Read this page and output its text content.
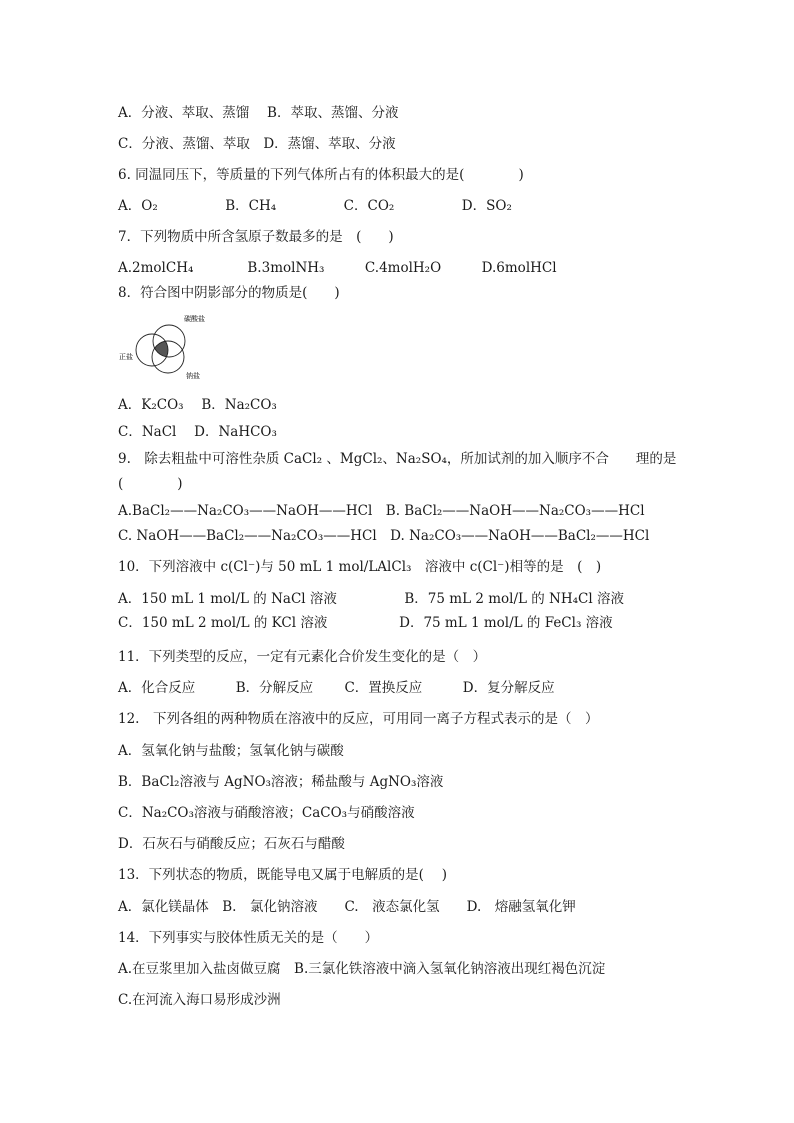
A．分液、萃取、蒸馏　 B．萃取、蒸馏、分液
C．分液、蒸馏、萃取　D．蒸馏、萃取、分液
6. 同温同压下，等质量的下列气体所占有的体积最大的是(　　　　)
A．O₂　　　　　B．CH₄　　　　　C．CO₂　　　　　D．SO₂
7．下列物质中所含氢原子数最多的是　(　　)
A.2molCH₄　　　　B.3molNH₃　　　C.4molH₂O　　　D.6molHCl
8．符合图中阴影部分的物质是(　　)
碳酸盐
正盐
钠盐
A．K₂CO₃　 B．Na₂CO₃
C．NaCl　 D．NaHCO₃
9.　除去粗盐中可溶性杂质 CaCl₂ 、MgCl₂、Na₂SO₄，所加试剂的加入顺序不合　　理的是
(　　　　)
A.BaCl₂——Na₂CO₃——NaOH——HCl　B. BaCl₂——NaOH——Na₂CO₃——HCl
C. NaOH——BaCl₂——Na₂CO₃——HCl　D. Na₂CO₃——NaOH——BaCl₂——HCl
10．下列溶液中 c(Cl⁻)与 50 mL 1 mol/LAlCl₃　溶液中 c(Cl⁻)相等的是　(　)
A．150 mL 1 mol/L 的 NaCl 溶液　　　　　B．75 mL 2 mol/L 的 NH₄Cl 溶液
C．150 mL 2 mol/L 的 KCl 溶液　　　　　 D．75 mL 1 mol/L 的 FeCl₃ 溶液
11．下列类型的反应，一定有元素化合价发生变化的是（　）
A．化合反应　　　B．分解反应　　 C．置换反应　　　D．复分解反应
12.　下列各组的两种物质在溶液中的反应，可用同一离子方程式表示的是（　）
A．氢氧化钠与盐酸；氢氧化钠与碳酸
B．BaCl₂溶液与 AgNO₃溶液；稀盐酸与 AgNO₃溶液
C．Na₂CO₃溶液与硝酸溶液；CaCO₃与硝酸溶液
D．石灰石与硝酸反应；石灰石与醋酸
13．下列状态的物质，既能导电又属于电解质的是(　 )
A．氯化镁晶体　B.　氯化钠溶液　　C.　液态氯化氢　　D.　熔融氢氧化钾
14．下列事实与胶体性质无关的是（　　）
A.在豆浆里加入盐卤做豆腐　B.三氯化铁溶液中滴入氢氧化钠溶液出现红褐色沉淀
C.在河流入海口易形成沙洲
